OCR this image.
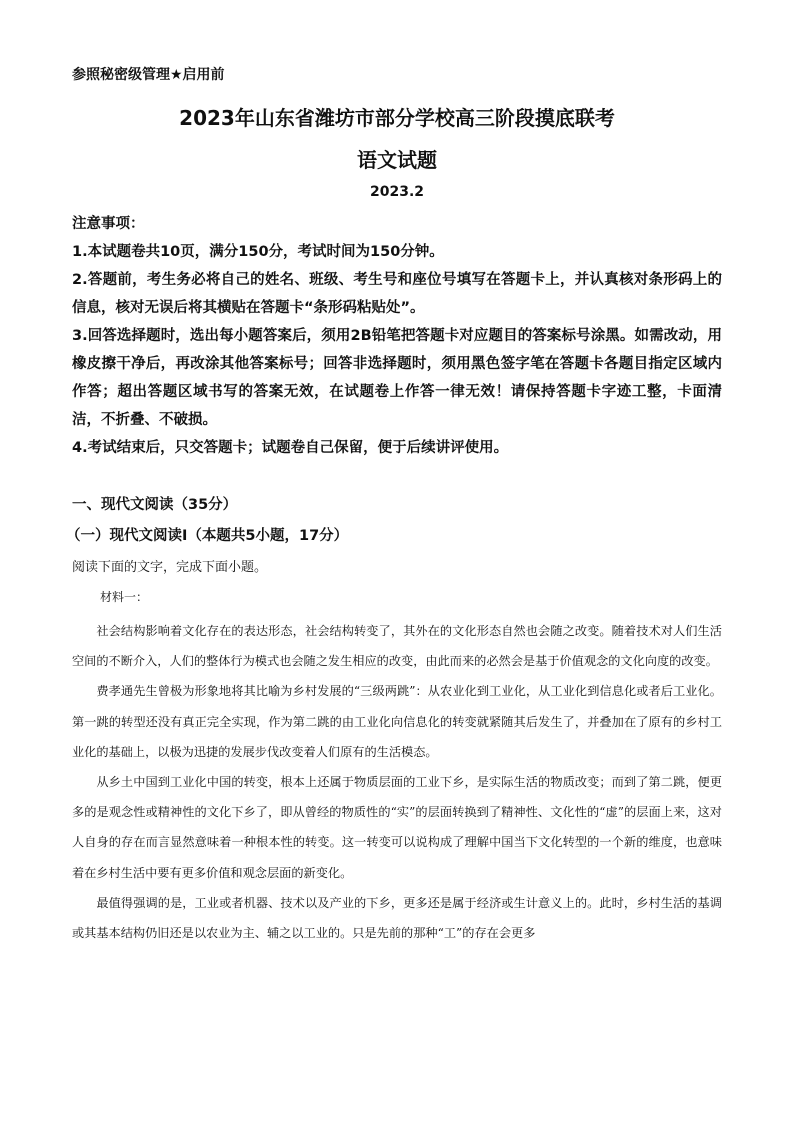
参照秘密级管理★启用前
2023年山东省潍坊市部分学校高三阶段摸底联考
语文试题
2023.2

注意事项：

1.本试题卷共10页，满分150分，考试时间为150分钟。

2.答题前，考生务必将自己的姓名、班级、考生号和座位号填写在答题卡上，并认真核对条形码上的信息，核对无误后将其横贴在答题卡“条形码粘贴处”。

3.回答选择题时，选出每小题答案后，须用2B铅笔把答题卡对应题目的答案标号涂黑。如需改动，用橡皮擦干净后，再改涂其他答案标号；回答非选择题时，须用黑色签字笔在答题卡各题目指定区域内作答；超出答题区域书写的答案无效，在试题卷上作答一律无效！请保持答题卡字迹工整，卡面清洁，不折叠、不破损。

4.考试结束后，只交答题卡；试题卷自己保留，便于后续讲评使用。

一、现代文阅读（35分）
（一）现代文阅读Ⅰ（本题共5小题，17分）
阅读下面的文字，完成下面小题。
材料一：

社会结构影响着文化存在的表达形态，社会结构转变了，其外在的文化形态自然也会随之改变。随着技术对人们生活空间的不断介入，人们的整体行为模式也会随之发生相应的改变，由此而来的必然会是基于价值观念的文化向度的改变。

费孝通先生曾极为形象地将其比喻为乡村发展的“三级两跳”：从农业化到工业化，从工业化到信息化或者后工业化。第一跳的转型还没有真正完全实现，作为第二跳的由工业化向信息化的转变就紧随其后发生了，并叠加在了原有的乡村工业化的基础上，以极为迅捷的发展步伐改变着人们原有的生活模态。

从乡土中国到工业化中国的转变，根本上还属于物质层面的工业下乡，是实际生活的物质改变；而到了第二跳，便更多的是观念性或精神性的文化下乡了，即从曾经的物质性的“实”的层面转换到了精神性、文化性的“虚”的层面上来，这对人自身的存在而言显然意味着一种根本性的转变。这一转变可以说构成了理解中国当下文化转型的一个新的维度，也意味着在乡村生活中要有更多价值和观念层面的新变化。

最值得强调的是，工业或者机器、技术以及产业的下乡，更多还是属于经济或生计意义上的。此时，乡村生活的基调或其基本结构仍旧还是以农业为主、辅之以工业的。只是先前的那种“工”的存在会更多
